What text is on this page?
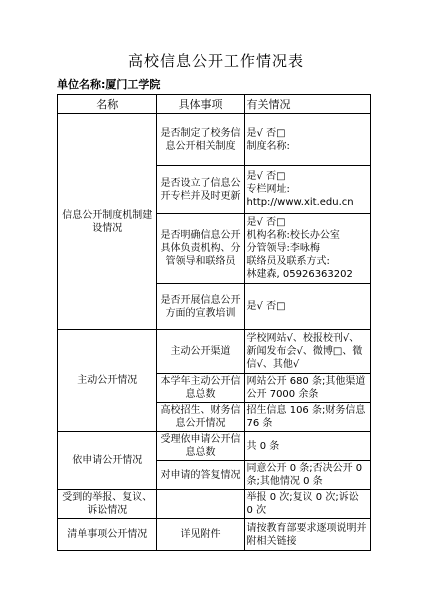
高校信息公开工作情况表
单位名称:厦门工学院
名称	具体事项	有关情况
信息公开制度机制建设情况	是否制定了校务信息公开相关制度	是√ 否□
制度名称:
	是否设立了信息公开专栏并及时更新	是√ 否□
专栏网址:
http://www.xit.edu.cn
	是否明确信息公开具体负责机构、分管领导和联络员	是√ 否□
机构名称:校长办公室
分管领导:李咏梅
联络员及联系方式:
林建森, 05926363202
	是否开展信息公开方面的宣教培训	是√ 否□
主动公开情况	主动公开渠道	学校网站√、校报校刊√、新闻发布会√、微博□、微信√、其他√
	本学年主动公开信息总数	网站公开 680 条;其他渠道公开 7000 余条
	高校招生、财务信息公开情况	招生信息 106 条;财务信息 76 条
依申请公开情况	受理依申请公开信息总数	共 0 条
	对申请的答复情况	同意公开 0 条;否决公开 0 条;其他情况 0 条
受到的举报、复议、诉讼情况		举报 0 次;复议 0 次;诉讼 0 次
清单事项公开情况	详见附件	请按教育部要求逐项说明并附相关链接
